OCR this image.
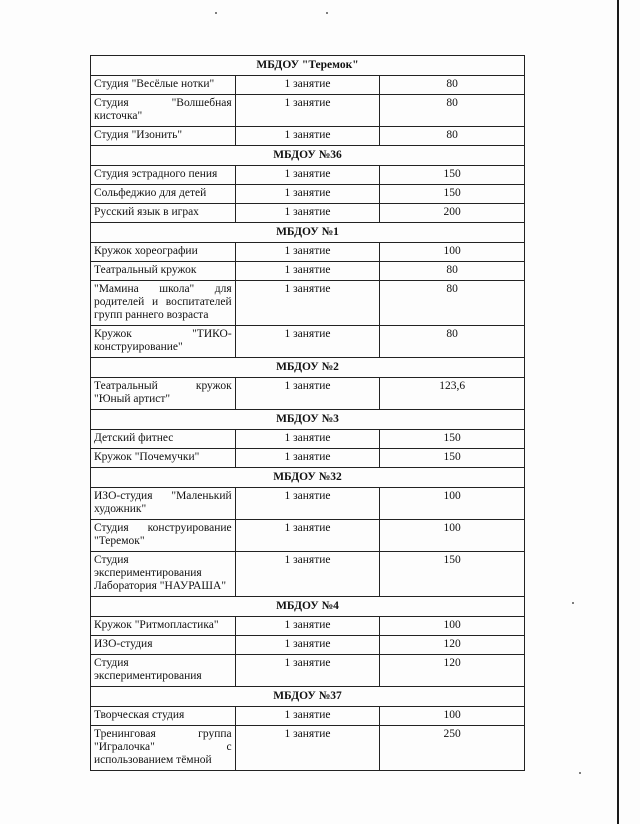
МБДОУ "Теремок"		
Студия "Весёлые нотки"	1 занятие	80
Студия "Волшебная кисточка"	1 занятие	80
Студия "Изонить"	1 занятие	80
МБДОУ №36		
Студия эстрадного пения	1 занятие	150
Сольфеджио для детей	1 занятие	150
Русский язык в играх	1 занятие	200
МБДОУ №1		
Кружок хореографии	1 занятие	100
Театральный кружок	1 занятие	80
"Мамина школа" для родителей и воспитателей групп раннего возраста	1 занятие	80
Кружок "ТИКО-конструирование"	1 занятие	80
МБДОУ №2		
Театральный кружок "Юный артист"	1 занятие	123,6
МБДОУ №3		
Детский фитнес	1 занятие	150
Кружок "Почемучки"	1 занятие	150
МБДОУ №32		
ИЗО-студия "Маленький художник"	1 занятие	100
Студия конструирование "Теремок"	1 занятие	100
Студия экспериментирования Лаборатория "НАУРАША"	1 занятие	150
МБДОУ №4		
Кружок "Ритмопластика"	1 занятие	100
ИЗО-студия	1 занятие	120
Студия экспериментирования	1 занятие	120
МБДОУ №37		
Творческая студия	1 занятие	100
Тренинговая группа "Игралочка" с использованием тёмной	1 занятие	250
